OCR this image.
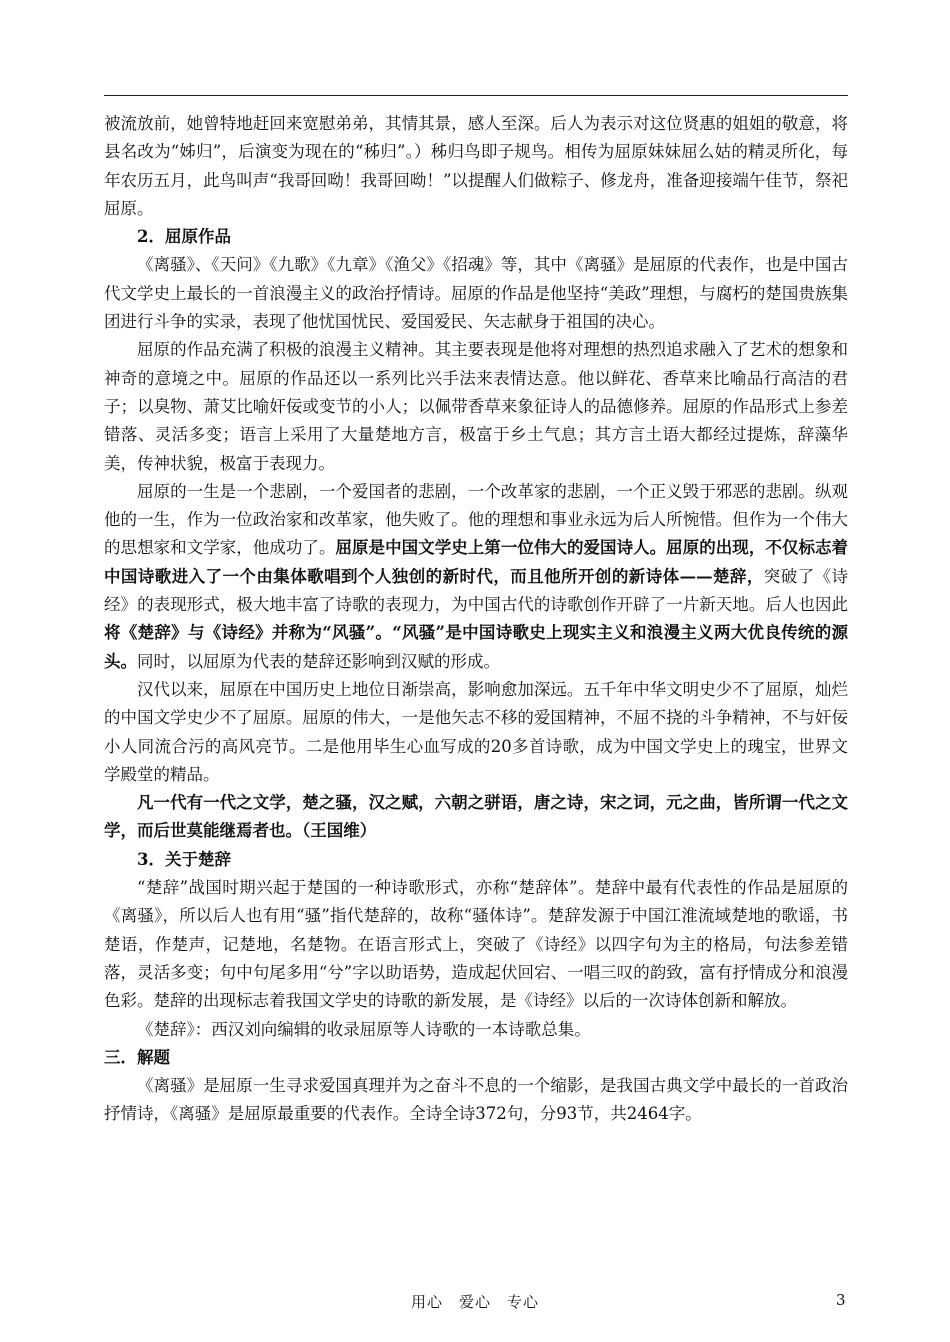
被流放前，她曾特地赶回来宽慰弟弟，其情其景，感人至深。后人为表示对这位贤惠的姐姐的敬意，将县名改为“姊归”，后演变为现在的“秭归”。）秭归鸟即子规鸟。相传为屈原妹妹屈么姑的精灵所化，每年农历五月，此鸟叫声“我哥回呦！我哥回呦！”以提醒人们做粽子、修龙舟，准备迎接端午佳节，祭祀屈原。

2．屈原作品

《离骚》、《天问》《九歌》《九章》《渔父》《招魂》等，其中《离骚》是屈原的代表作，也是中国古代文学史上最长的一首浪漫主义的政治抒情诗。屈原的作品是他坚持“美政”理想，与腐朽的楚国贵族集团进行斗争的实录，表现了他忧国忧民、爱国爱民、矢志献身于祖国的决心。

屈原的作品充满了积极的浪漫主义精神。其主要表现是他将对理想的热烈追求融入了艺术的想象和神奇的意境之中。屈原的作品还以一系列比兴手法来表情达意。他以鲜花、香草来比喻品行高洁的君子；以臭物、萧艾比喻奸佞或变节的小人；以佩带香草来象征诗人的品德修养。屈原的作品形式上参差错落、灵活多变；语言上采用了大量楚地方言，极富于乡土气息；其方言土语大都经过提炼，辞藻华美，传神状貌，极富于表现力。

屈原的一生是一个悲剧，一个爱国者的悲剧，一个改革家的悲剧，一个正义毁于邪恶的悲剧。纵观他的一生，作为一位政治家和改革家，他失败了。他的理想和事业永远为后人所惋惜。但作为一个伟大的思想家和文学家，他成功了。屈原是中国文学史上第一位伟大的爱国诗人。屈原的出现，不仅标志着中国诗歌进入了一个由集体歌唱到个人独创的新时代，而且他所开创的新诗体——楚辞，突破了《诗经》的表现形式，极大地丰富了诗歌的表现力，为中国古代的诗歌创作开辟了一片新天地。后人也因此将《楚辞》与《诗经》并称为“风骚”。“风骚”是中国诗歌史上现实主义和浪漫主义两大优良传统的源头。同时，以屈原为代表的楚辞还影响到汉赋的形成。

汉代以来，屈原在中国历史上地位日渐崇高，影响愈加深远。五千年中华文明史少不了屈原，灿烂的中国文学史少不了屈原。屈原的伟大，一是他矢志不移的爱国精神，不屈不挠的斗争精神，不与奸佞小人同流合污的高风亮节。二是他用毕生心血写成的20多首诗歌，成为中国文学史上的瑰宝，世界文学殿堂的精品。

凡一代有一代之文学，楚之骚，汉之赋，六朝之骈语，唐之诗，宋之词，元之曲，皆所谓一代之文学，而后世莫能继焉者也。（王国维）

3．关于楚辞

“楚辞”战国时期兴起于楚国的一种诗歌形式，亦称“楚辞体”。楚辞中最有代表性的作品是屈原的《离骚》，所以后人也有用“骚”指代楚辞的，故称“骚体诗”。楚辞发源于中国江淮流域楚地的歌谣，书楚语，作楚声，记楚地，名楚物。在语言形式上，突破了《诗经》以四字句为主的格局，句法参差错落，灵活多变；句中句尾多用“兮”字以助语势，造成起伏回宕、一唱三叹的韵致，富有抒情成分和浪漫色彩。楚辞的出现标志着我国文学史的诗歌的新发展，是《诗经》以后的一次诗体创新和解放。

《楚辞》：西汉刘向编辑的收录屈原等人诗歌的一本诗歌总集。

三．解题

《离骚》是屈原一生寻求爱国真理并为之奋斗不息的一个缩影，是我国古典文学中最长的一首政治抒情诗，《离骚》是屈原最重要的代表作。全诗全诗372句，分93节，共2464字。

用心　爱心　专心	3
